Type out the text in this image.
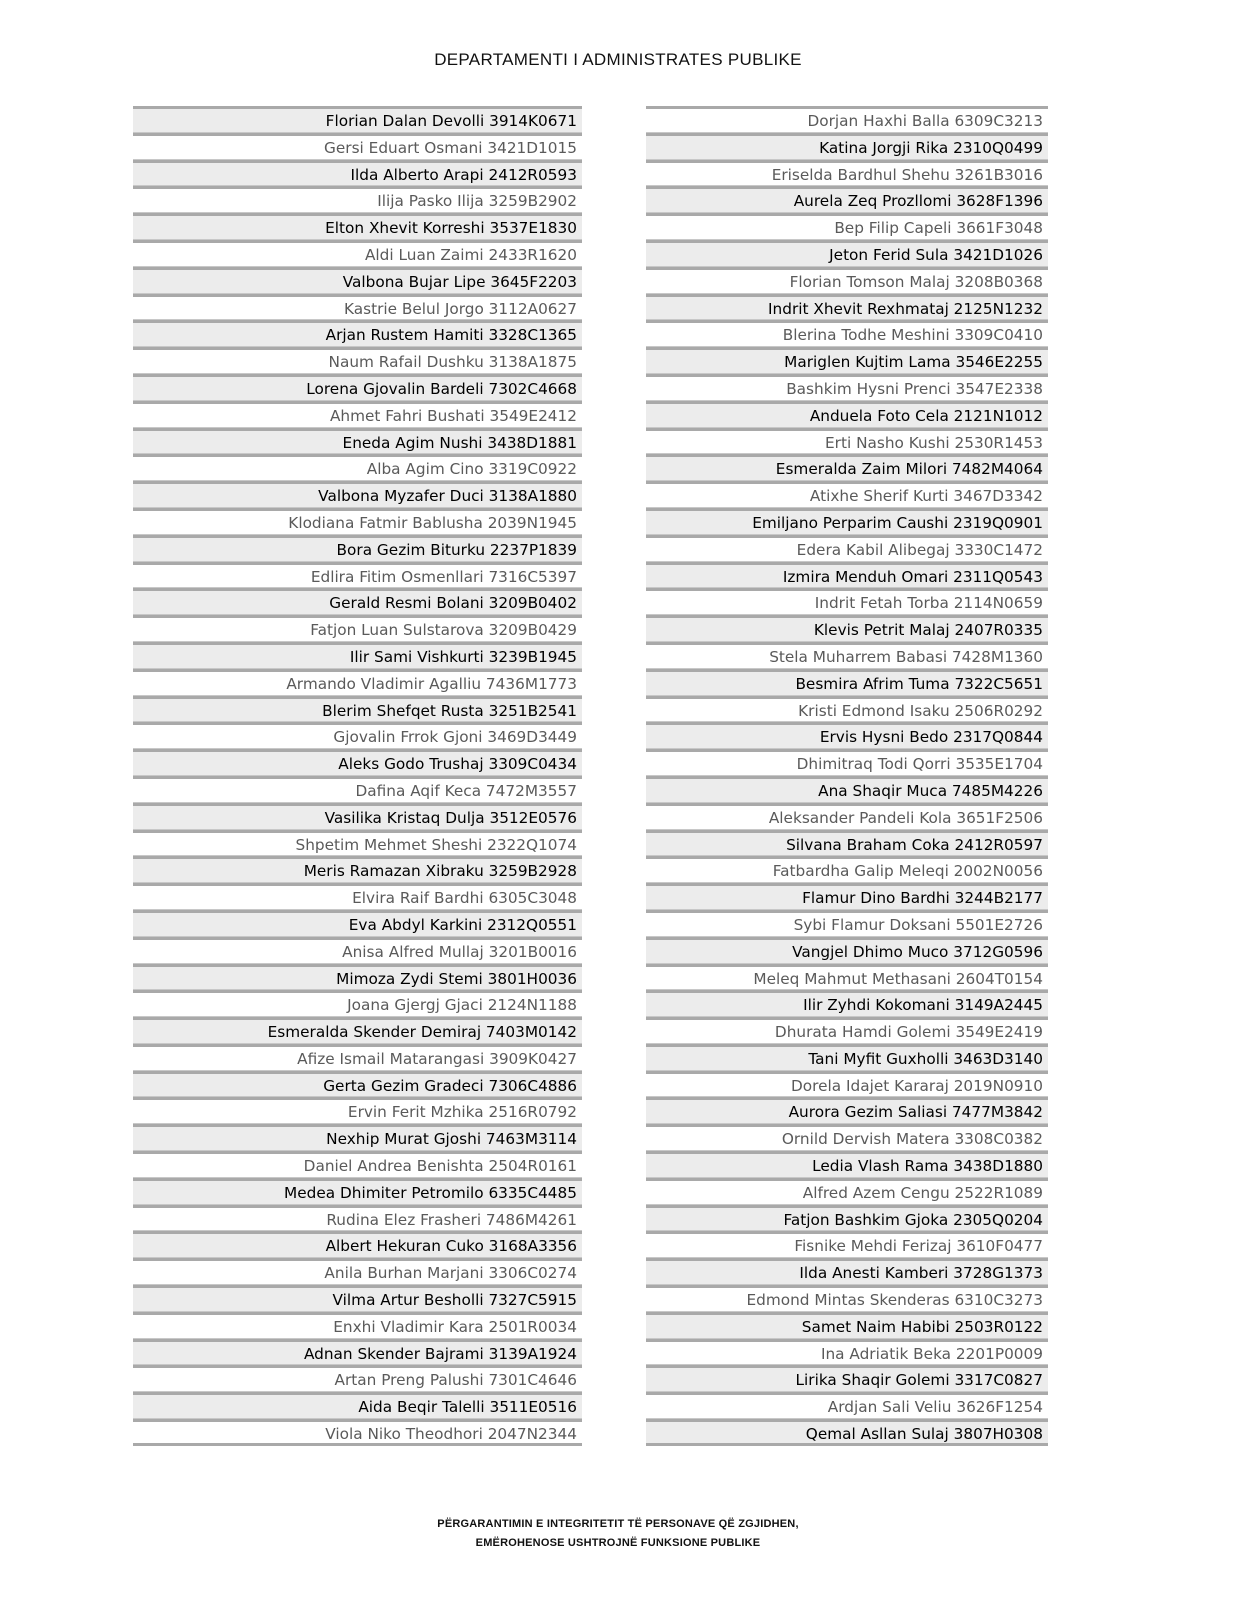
DEPARTAMENTI I ADMINISTRATES PUBLIKE
Florian Dalan Devolli 3914K0671
Gersi Eduart Osmani 3421D1015
Ilda Alberto Arapi 2412R0593
Ilija Pasko Ilija 3259B2902
Elton Xhevit Korreshi 3537E1830
Aldi Luan Zaimi 2433R1620
Valbona Bujar Lipe 3645F2203
Kastrie Belul Jorgo 3112A0627
Arjan Rustem Hamiti 3328C1365
Naum Rafail Dushku 3138A1875
Lorena Gjovalin Bardeli 7302C4668
Ahmet Fahri Bushati 3549E2412
Eneda Agim Nushi 3438D1881
Alba Agim Cino 3319C0922
Valbona Myzafer Duci 3138A1880
Klodiana Fatmir Bablusha 2039N1945
Bora Gezim Biturku 2237P1839
Edlira Fitim Osmenllari 7316C5397
Gerald Resmi Bolani 3209B0402
Fatjon Luan Sulstarova 3209B0429
Ilir Sami Vishkurti 3239B1945
Armando Vladimir Agalliu 7436M1773
Blerim Shefqet Rusta 3251B2541
Gjovalin Frrok Gjoni 3469D3449
Aleks Godo Trushaj 3309C0434
Dafina Aqif Keca 7472M3557
Vasilika Kristaq Dulja 3512E0576
Shpetim Mehmet Sheshi 2322Q1074
Meris Ramazan Xibraku 3259B2928
Elvira Raif Bardhi 6305C3048
Eva Abdyl Karkini 2312Q0551
Anisa Alfred Mullaj 3201B0016
Mimoza Zydi Stemi 3801H0036
Joana Gjergj Gjaci 2124N1188
Esmeralda Skender Demiraj 7403M0142
Afize Ismail Matarangasi 3909K0427
Gerta Gezim Gradeci 7306C4886
Ervin Ferit Mzhika 2516R0792
Nexhip Murat Gjoshi 7463M3114
Daniel Andrea Benishta 2504R0161
Medea Dhimiter Petromilo 6335C4485
Rudina Elez Frasheri 7486M4261
Albert Hekuran Cuko 3168A3356
Anila Burhan Marjani 3306C0274
Vilma Artur Besholli 7327C5915
Enxhi Vladimir Kara 2501R0034
Adnan Skender Bajrami 3139A1924
Artan Preng Palushi 7301C4646
Aida Beqir Talelli 3511E0516
Viola Niko Theodhori 2047N2344
Dorjan Haxhi Balla 6309C3213
Katina Jorgji Rika 2310Q0499
Eriselda Bardhul Shehu 3261B3016
Aurela Zeq Prozllomi 3628F1396
Bep Filip Capeli 3661F3048
Jeton Ferid Sula 3421D1026
Florian Tomson Malaj 3208B0368
Indrit Xhevit Rexhmataj 2125N1232
Blerina Todhe Meshini 3309C0410
Mariglen Kujtim Lama 3546E2255
Bashkim Hysni Prenci 3547E2338
Anduela Foto Cela 2121N1012
Erti Nasho Kushi 2530R1453
Esmeralda Zaim Milori 7482M4064
Atixhe Sherif Kurti 3467D3342
Emiljano Perparim Caushi 2319Q0901
Edera Kabil Alibegaj 3330C1472
Izmira Menduh Omari 2311Q0543
Indrit Fetah Torba 2114N0659
Klevis Petrit Malaj 2407R0335
Stela Muharrem Babasi 7428M1360
Besmira Afrim Tuma 7322C5651
Kristi Edmond Isaku 2506R0292
Ervis Hysni Bedo 2317Q0844
Dhimitraq Todi Qorri 3535E1704
Ana Shaqir Muca 7485M4226
Aleksander Pandeli Kola 3651F2506
Silvana Braham Coka 2412R0597
Fatbardha Galip Meleqi 2002N0056
Flamur Dino Bardhi 3244B2177
Sybi Flamur Doksani 5501E2726
Vangjel Dhimo Muco 3712G0596
Meleq Mahmut Methasani 2604T0154
Ilir Zyhdi Kokomani 3149A2445
Dhurata Hamdi Golemi 3549E2419
Tani Myfit Guxholli 3463D3140
Dorela Idajet Kararaj 2019N0910
Aurora Gezim Saliasi 7477M3842
Ornild Dervish Matera 3308C0382
Ledia Vlash Rama 3438D1880
Alfred Azem Cengu 2522R1089
Fatjon Bashkim Gjoka 2305Q0204
Fisnike Mehdi Ferizaj 3610F0477
Ilda Anesti Kamberi 3728G1373
Edmond Mintas Skenderas 6310C3273
Samet Naim Habibi 2503R0122
Ina Adriatik Beka 2201P0009
Lirika Shaqir Golemi 3317C0827
Ardjan Sali Veliu 3626F1254
Qemal Asllan Sulaj 3807H0308
PËRGARANTIMIN E INTEGRITETIT TË PERSONAVE QË ZGJIDHEN,
EMËROHENOSE USHTROJNË FUNKSIONE PUBLIKE
